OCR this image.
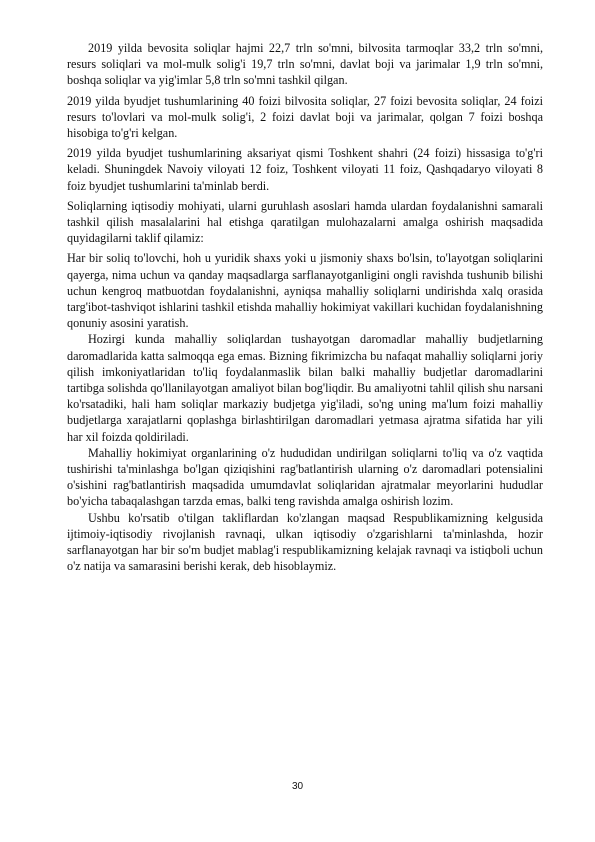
2019 yilda bevosita soliqlar hajmi 22,7 trln so'mni, bilvosita tarmoqlar 33,2 trln so'mni, resurs soliqlari va mol-mulk solig'i 19,7 trln so'mni, davlat boji va jarimalar 1,9 trln so'mni, boshqa soliqlar va yig'imlar 5,8 trln so'mni tashkil qilgan.

2019 yilda byudjet tushumlarining 40 foizi bilvosita soliqlar, 27 foizi bevosita soliqlar, 24 foizi resurs to'lovlari va mol-mulk solig'i, 2 foizi davlat boji va jarimalar, qolgan 7 foizi boshqa hisobiga to'g'ri kelgan.

2019 yilda byudjet tushumlarining aksariyat qismi Toshkent shahri (24 foizi) hissasiga to'g'ri keladi. Shuningdek Navoiy viloyati 12 foiz, Toshkent viloyati 11 foiz, Qashqadaryo viloyati 8 foiz byudjet tushumlarini ta'minlab berdi.

Soliqlarning iqtisodiy mohiyati, ularni guruhlash asoslari hamda ulardan foydalanishni samarali tashkil qilish masalalarini hal etishga qaratilgan mulohazalarni amalga oshirish maqsadida quyidagilarni taklif qilamiz:

Har bir soliq to'lovchi, hoh u yuridik shaxs yoki u jismoniy shaxs bo'lsin, to'layotgan soliqlarini qayerga, nima uchun va qanday maqsadlarga sarflanayotganligini ongli ravishda tushunib bilishi uchun kengroq matbuotdan foydalanishni, ayniqsa mahalliy soliqlarni undirishda xalq orasida targ'ibot-tashviqot ishlarini tashkil etishda mahalliy hokimiyat vakillari kuchidan foydalanishning qonuniy asosini yaratish.

Hozirgi kunda mahalliy soliqlardan tushayotgan daromadlar mahalliy budjetlarning daromadlarida katta salmoqqa ega emas. Bizning fikrimizcha bu nafaqat mahalliy soliqlarni joriy qilish imkoniyatlaridan to'liq foydalanmaslik bilan balki mahalliy budjetlar daromadlarini tartibga solishda qo'llanilayotgan amaliyot bilan bog'liqdir. Bu amaliyotni tahlil qilish shu narsani ko'rsatadiki, hali ham soliqlar markaziy budjetga yig'iladi, so'ng uning ma'lum foizi mahalliy budjetlarga xarajatlarni qoplashga birlashtirilgan daromadlari yetmasa ajratma sifatida har yili har xil foizda qoldiriladi.

Mahalliy hokimiyat organlarining o'z hududidan undirilgan soliqlarni to'liq va o'z vaqtida tushirishi ta'minlashga bo'lgan qiziqishini rag'batlantirish ularning o'z daromadlari potensialini o'sishini rag'batlantirish maqsadida umumdavlat soliqlaridan ajratmalar meyorlarini hududlar bo'yicha tabaqalashgan tarzda emas, balki teng ravishda amalga oshirish lozim.

Ushbu ko'rsatib o'tilgan takliflardan ko'zlangan maqsad Respublikamizning kelgusida ijtimoiy-iqtisodiy rivojlanish ravnaqi, ulkan iqtisodiy o'zgarishlarni ta'minlashda, hozir sarflanayotgan har bir so'm budjet mablag'i respublikamizning kelajak ravnaqi va istiqboli uchun o'z natija va samarasini berishi kerak, deb hisoblaymiz.

30
